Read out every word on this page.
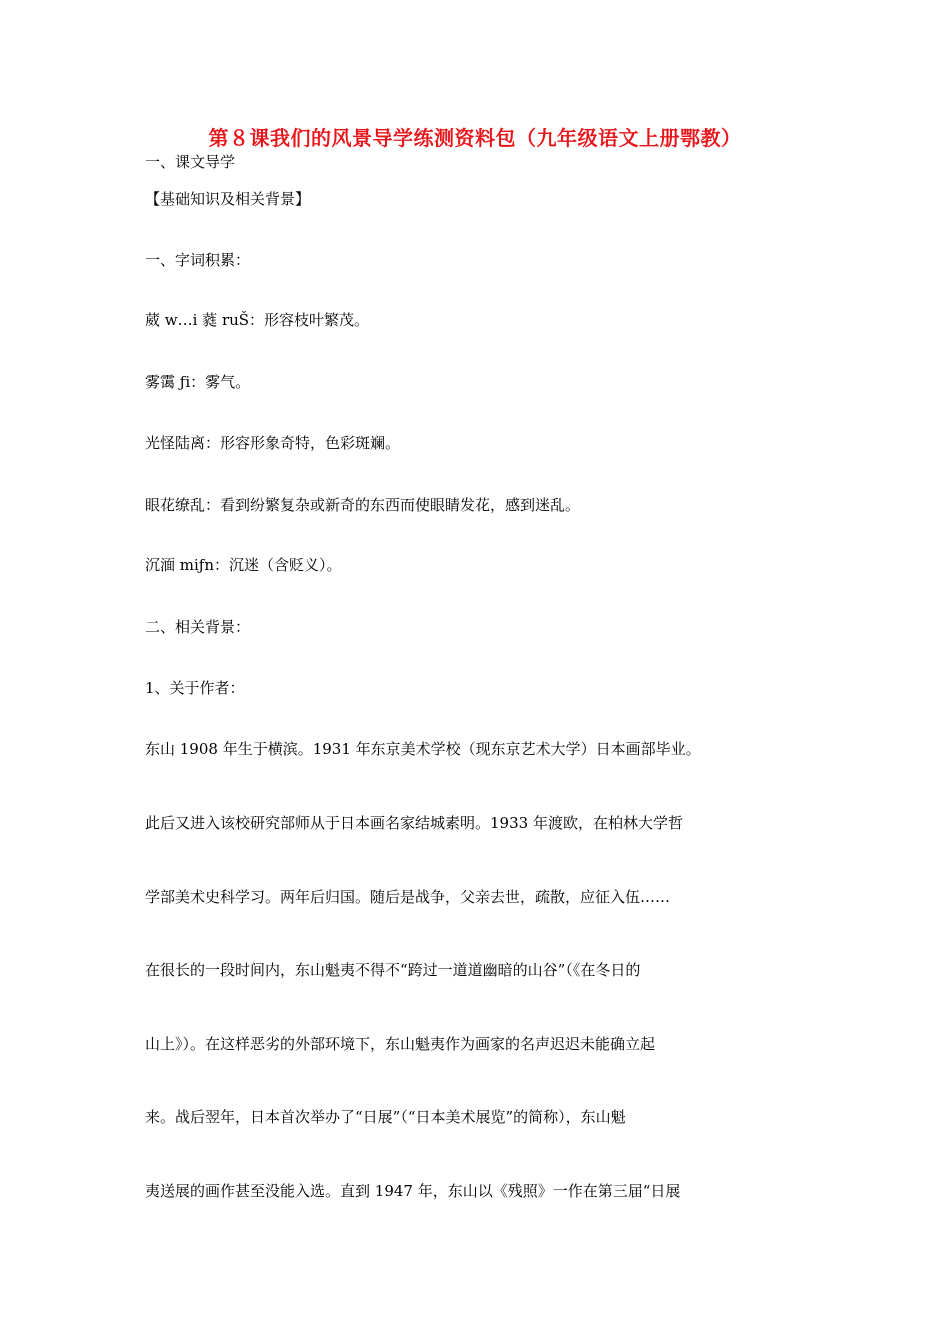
第８课我们的风景导学练测资料包（九年级语文上册鄂教）
一、课文导学
【基础知识及相关背景】
一、字词积累：
葳 w…i 蕤 ruŠ：形容枝叶繁茂。
雾霭 ƒi：雾气。
光怪陆离：形容形象奇特，色彩斑斓。
眼花缭乱：看到纷繁复杂或新奇的东西而使眼睛发花，感到迷乱。
沉湎 miƒn：沉迷（含贬义）。
二、相关背景：
1、关于作者：
东山 1908 年生于横滨。1931 年东京美术学校（现东京艺术大学）日本画部毕业。
此后又进入该校研究部师从于日本画名家结城素明。1933 年渡欧，在柏林大学哲
学部美术史科学习。两年后归国。随后是战争，父亲去世，疏散，应征入伍……
在很长的一段时间内，东山魁夷不得不“跨过一道道幽暗的山谷”（《在冬日的
山上》）。在这样恶劣的外部环境下，东山魁夷作为画家的名声迟迟未能确立起
来。战后翌年，日本首次举办了“日展”（“日本美术展览”的简称），东山魁
夷送展的画作甚至没能入选。直到 1947 年，东山以《残照》一作在第三届“日展
